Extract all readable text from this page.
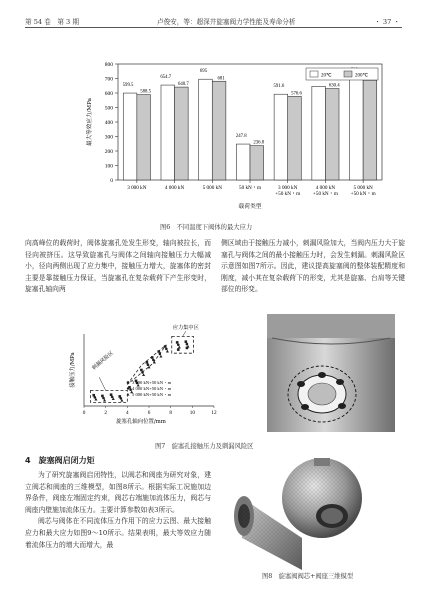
第 54 卷　第 3 期	卢俊安，等：超深井旋塞阀力学性能及寿命分析	・ 37 ・
0
100
200
300
400
500
600
700
800
最大等效应力/MPa
599.5
588.5
3 000 kN
654.7
640.7
4 000 kN
695
681
5 000 kN
247.8
236.8
50 kN・m
591.6
576.6
3 000 kN
+50 kN・m
630.4
4 000 kN
+50 kN・m
5 000 kN
+50 kN・m
载荷类型
20℃	200℃
图6　不同温度下阀体的最大应力

向高峰位的载荷时，阀体旋塞孔处发生形变，轴向被拉长，而径向被挤压。这导致旋塞孔与阀体之间轴向接触压力大幅减小，径向两侧出现了应力集中，接触压力增大，旋塞体的密封主要是靠接触压力保证，当旋塞孔在复杂载荷下产生形变时，旋塞孔轴向两

侧区域由于接触压力减小，刺漏风险加大，当阀内压力大于旋塞孔与阀体之间的最小接触压力时，会发生刺漏。刺漏风险区示意图如图7所示。因此，建议提高旋塞阀的整体装配精度和刚度，减小其在复杂载荷下的形变，尤其是旋塞、台肩等关键部位的形变。

0	2	4	6	8	10	12
旋塞孔轴向位置/mm
接触压力/MPa
应力集中区
刺漏风险区
3 000 kN+50 kN・m
4 000 kN+50 kN・m
5 000 kN+50 kN・m
图7　旋塞孔接触压力及刺漏风险区
4 旋塞阀启闭力矩

为了研究旋塞阀启闭特性，以阀芯和阀座为研究对象，建立阀芯和阀座的三维模型，如图8所示。根据实际工况施加边界条件，阀座左端固定约束，阀芯右端施加流体压力，阀芯与阀座内壁施加流体压力。主要计算参数如表3所示。

阀芯与阀体在不同流体压力作用下的应力云图、最大接触应力和最大应力如图9～10所示。结果表明，最大等效应力随着流体压力的增大而增大，最

图8　旋塞阀阀芯+阀座三维模型
